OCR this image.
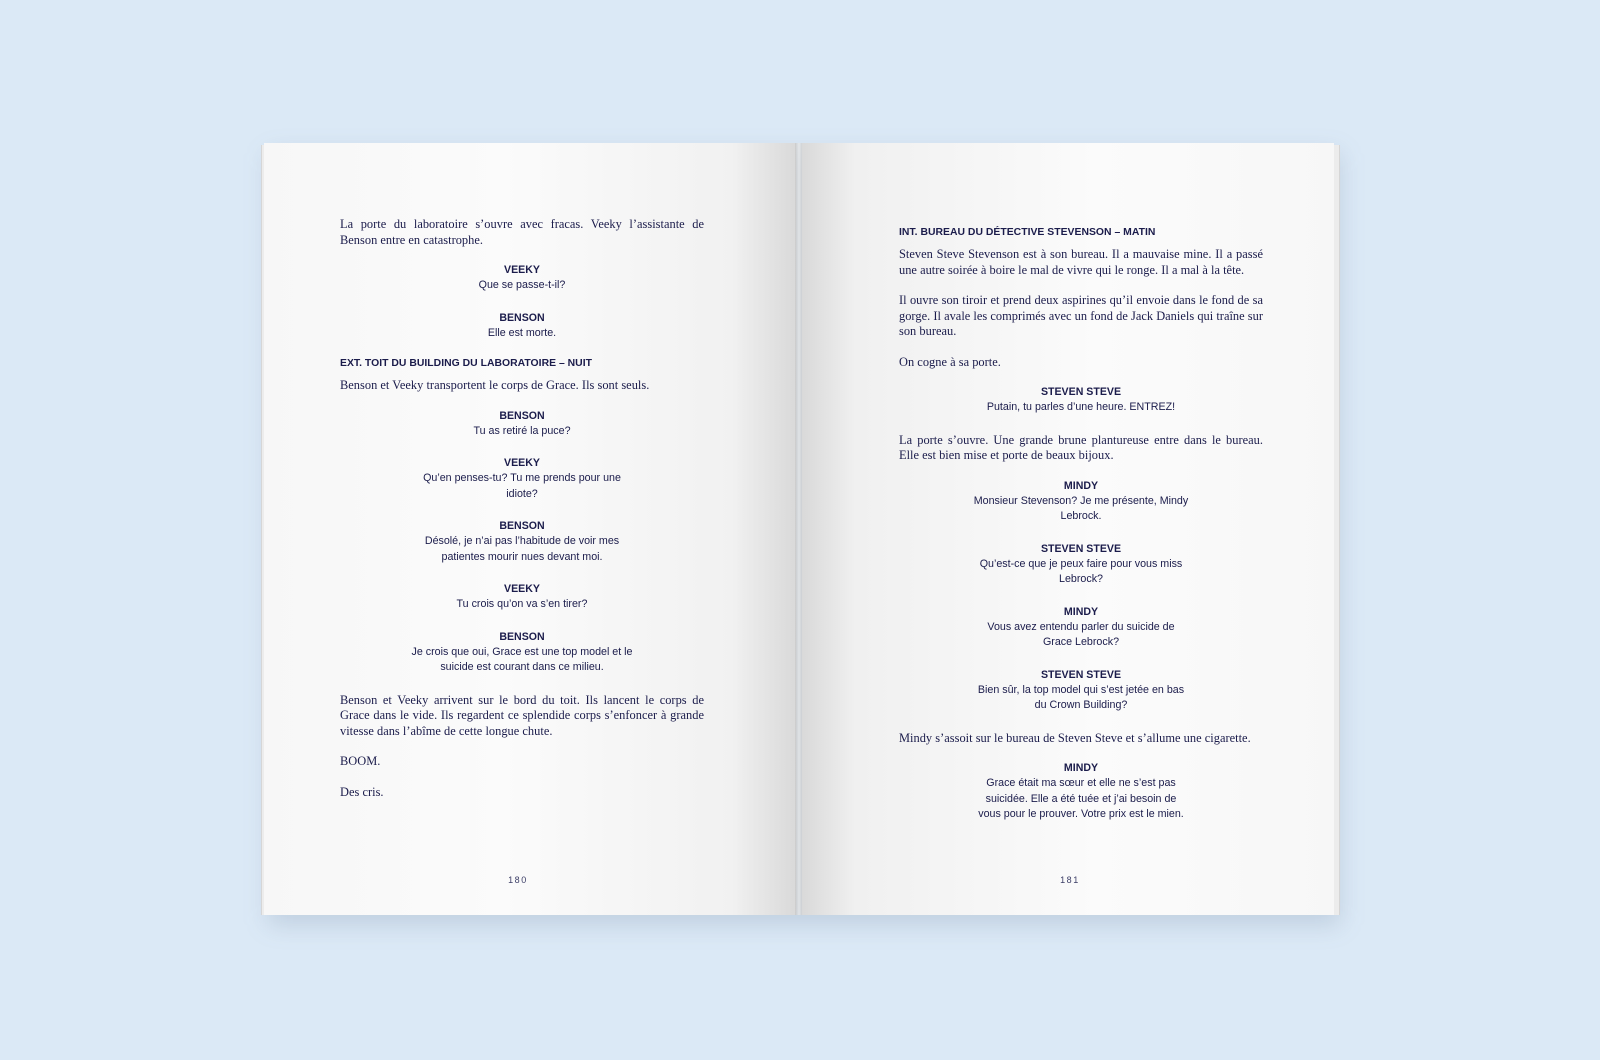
La porte du laboratoire s’ouvre avec fracas. Veeky l’assistante de Benson entre en catastrophe.

VEEKY
Que se passe-t-il?
BENSON
Elle est morte.
EXT. TOIT DU BUILDING DU LABORATOIRE – NUIT

Benson et Veeky transportent le corps de Grace. Ils sont seuls.

BENSON
Tu as retiré la puce?
VEEKY
Qu’en penses-tu? Tu me prends pour une
idiote?
BENSON
Désolé, je n’ai pas l’habitude de voir mes
patientes mourir nues devant moi.
VEEKY
Tu crois qu’on va s’en tirer?
BENSON
Je crois que oui, Grace est une top model et le
suicide est courant dans ce milieu.

Benson et Veeky arrivent sur le bord du toit. Ils lancent le corps de Grace dans le vide. Ils regardent ce splendide corps s’enfoncer à grande vitesse dans l’abîme de cette longue chute.

BOOM.

Des cris.

180
INT. BUREAU DU DÉTECTIVE STEVENSON – MATIN

Steven Steve Stevenson est à son bureau. Il a mauvaise mine. Il a passé une autre soirée à boire le mal de vivre qui le ronge. Il a mal à la tête.

Il ouvre son tiroir et prend deux aspirines qu’il envoie dans le fond de sa gorge. Il avale les comprimés avec un fond de Jack Daniels qui traîne sur son bureau.

On cogne à sa porte.

STEVEN STEVE
Putain, tu parles d’une heure. ENTREZ!

La porte s’ouvre. Une grande brune plantureuse entre dans le bureau. Elle est bien mise et porte de beaux bijoux.

MINDY
Monsieur Stevenson? Je me présente, Mindy
Lebrock.
STEVEN STEVE
Qu’est-ce que je peux faire pour vous miss
Lebrock?
MINDY
Vous avez entendu parler du suicide de
Grace Lebrock?
STEVEN STEVE
Bien sûr, la top model qui s’est jetée en bas
du Crown Building?

Mindy s’assoit sur le bureau de Steven Steve et s’allume une cigarette.

MINDY
Grace était ma sœur et elle ne s’est pas
suicidée. Elle a été tuée et j’ai besoin de
vous pour le prouver. Votre prix est le mien.
181
